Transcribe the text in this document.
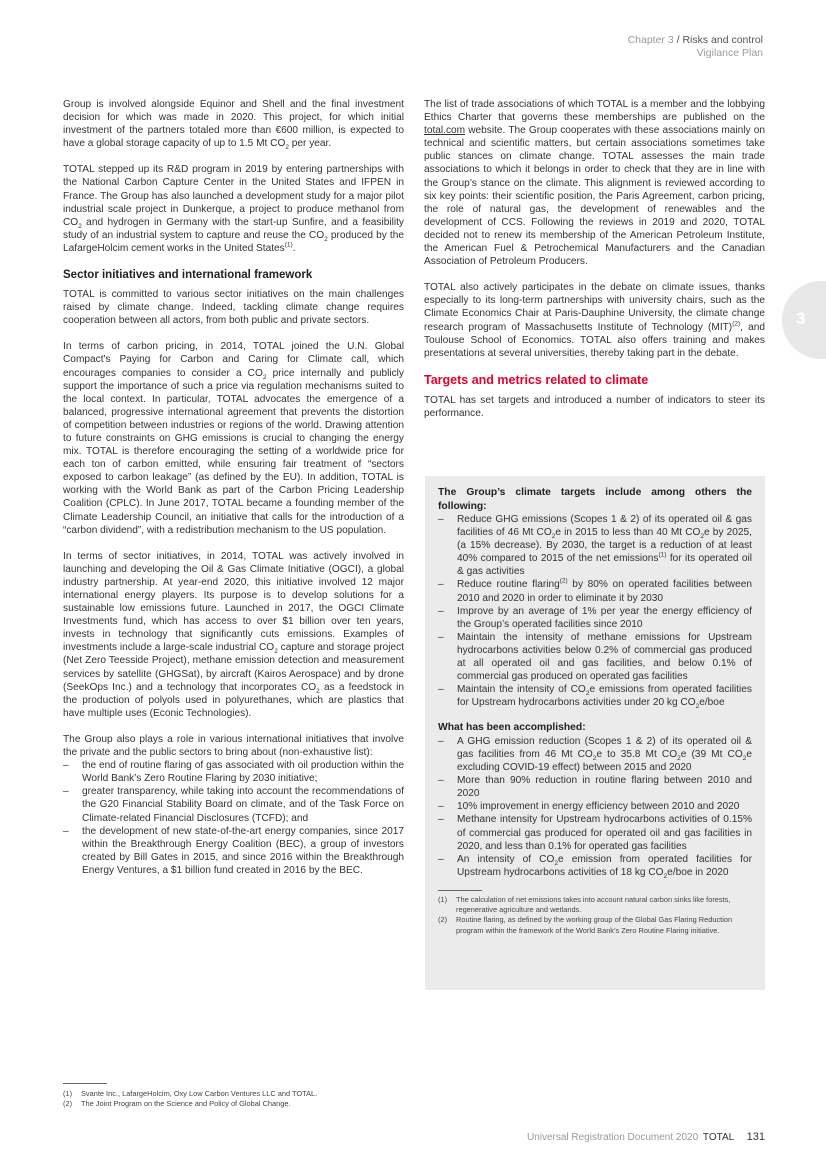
Chapter 3 / Risks and control
Vigilance Plan
3

Group is involved alongside Equinor and Shell and the final investment decision for which was made in 2020. This project, for which initial investment of the partners totaled more than €600 million, is expected to have a global storage capacity of up to 1.5 Mt $CO_2$ per year.

TOTAL stepped up its R&D program in 2019 by entering partnerships with the National Carbon Capture Center in the United States and IFPEN in France. The Group has also launched a development study for a major pilot industrial scale project in Dunkerque, a project to produce methanol from $CO_2$ and hydrogen in Germany with the start-up Sunfire, and a feasibility study of an industrial system to capture and reuse the $CO_2$ produced by the LafargeHolcim cement works in the United States$^{(1)}$.

Sector initiatives and international framework

TOTAL is committed to various sector initiatives on the main challenges raised by climate change. Indeed, tackling climate change requires cooperation between all actors, from both public and private sectors.

In terms of carbon pricing, in 2014, TOTAL joined the U.N. Global Compact's Paying for Carbon and Caring for Climate call, which encourages companies to consider a $CO_2$ price internally and publicly support the importance of such a price via regulation mechanisms suited to the local context. In particular, TOTAL advocates the emergence of a balanced, progressive international agreement that prevents the distortion of competition between industries or regions of the world. Drawing attention to future constraints on GHG emissions is crucial to changing the energy mix. TOTAL is therefore encouraging the setting of a worldwide price for each ton of carbon emitted, while ensuring fair treatment of “sectors exposed to carbon leakage” (as defined by the EU). In addition, TOTAL is working with the World Bank as part of the Carbon Pricing Leadership Coalition (CPLC). In June 2017, TOTAL became a founding member of the Climate Leadership Council, an initiative that calls for the introduction of a “carbon dividend”, with a redistribution mechanism to the US population.

In terms of sector initiatives, in 2014, TOTAL was actively involved in launching and developing the Oil & Gas Climate Initiative (OGCI), a global industry partnership. At year-end 2020, this initiative involved 12 major international energy players. Its purpose is to develop solutions for a sustainable low emissions future. Launched in 2017, the OGCI Climate Investments fund, which has access to over $1 billion over ten years, invests in technology that significantly cuts emissions. Examples of investments include a large-scale industrial $CO_2$ capture and storage project (Net Zero Teesside Project), methane emission detection and measurement services by satellite (GHGSat), by aircraft (Kairos Aerospace) and by drone (SeekOps Inc.) and a technology that incorporates $CO_2$ as a feedstock in the production of polyols used in polyurethanes, which are plastics that have multiple uses (Econic Technologies).

The Group also plays a role in various international initiatives that involve the private and the public sectors to bring about (non-exhaustive list):

– the end of routine flaring of gas associated with oil production within the World Bank’s Zero Routine Flaring by 2030 initiative;
– greater transparency, while taking into account the recommendations of the G20 Financial Stability Board on climate, and of the Task Force on Climate-related Financial Disclosures (TCFD); and
– the development of new state-of-the-art energy companies, since 2017 within the Breakthrough Energy Coalition (BEC), a group of investors created by Bill Gates in 2015, and since 2016 within the Breakthrough Energy Ventures, a $1 billion fund created in 2016 by the BEC.

The list of trade associations of which TOTAL is a member and the lobbying Ethics Charter that governs these memberships are published on the total.com website. The Group cooperates with these associations mainly on technical and scientific matters, but certain associations sometimes take public stances on climate change. TOTAL assesses the main trade associations to which it belongs in order to check that they are in line with the Group’s stance on the climate. This alignment is reviewed according to six key points: their scientific position, the Paris Agreement, carbon pricing, the role of natural gas, the development of renewables and the development of CCS. Following the reviews in 2019 and 2020, TOTAL decided not to renew its membership of the American Petroleum Institute, the American Fuel & Petrochemical Manufacturers and the Canadian Association of Petroleum Producers.

TOTAL also actively participates in the debate on climate issues, thanks especially to its long-term partnerships with university chairs, such as the Climate Economics Chair at Paris-Dauphine University, the climate change research program of Massachusetts Institute of Technology (MIT)$^{(2)}$, and Toulouse School of Economics. TOTAL also offers training and makes presentations at several universities, thereby taking part in the debate.

Targets and metrics related to climate

TOTAL has set targets and introduced a number of indicators to steer its performance.

The Group’s climate targets include among others the following:
– Reduce GHG emissions (Scopes 1 & 2) of its operated oil & gas facilities of 46 Mt $CO_2e$ in 2015 to less than 40 Mt $CO_2e$ by 2025, (a 15% decrease). By 2030, the target is a reduction of at least 40% compared to 2015 of the net emissions$^{(1)}$ for its operated oil & gas activities
– Reduce routine flaring$^{(2)}$ by 80% on operated facilities between 2010 and 2020 in order to eliminate it by 2030
– Improve by an average of 1% per year the energy efficiency of the Group’s operated facilities since 2010
– Maintain the intensity of methane emissions for Upstream hydrocarbons activities below 0.2% of commercial gas produced at all operated oil and gas facilities, and below 0.1% of commercial gas produced on operated gas facilities
– Maintain the intensity of $CO_2e$ emissions from operated facilities for Upstream hydrocarbons activities under 20 kg $CO_2e$/boe
What has been accomplished:
– A GHG emission reduction (Scopes 1 & 2) of its operated oil & gas facilities from 46 Mt $CO_2e$ to 35.8 Mt $CO_2e$ (39 Mt $CO_2e$ excluding COVID-19 effect) between 2015 and 2020
– More than 90% reduction in routine flaring between 2010 and 2020
– 10% improvement in energy efficiency between 2010 and 2020
– Methane intensity for Upstream hydrocarbons activities of 0.15% of commercial gas produced for operated oil and gas facilities in 2020, and less than 0.1% for operated gas facilities
– An intensity of $CO_2e$ emission from operated facilities for Upstream hydrocarbons activities of 18 kg $CO_2e$/boe in 2020
(1) The calculation of net emissions takes into account natural carbon sinks like forests, regenerative agriculture and wetlands.
(2) Routine flaring, as defined by the working group of the Global Gas Flaring Reduction program within the framework of the World Bank’s Zero Routine Flaring initiative.
(1) Svante Inc., LafargeHolcim, Oxy Low Carbon Ventures LLC and TOTAL.
(2) The Joint Program on the Science and Policy of Global Change.
Universal Registration Document 2020 TOTAL 131
